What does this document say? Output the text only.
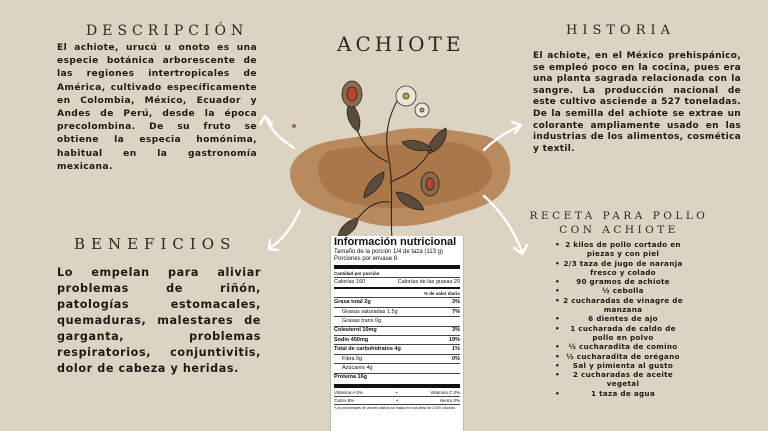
ACHIOTE
DESCRIPCIÓN

El achiote, urucú u onoto es una especie botánica arborescente de las regiones intertropicales de América, cultivado específicamente en Colombia, México, Ecuador y Andes de Perú, desde la época precolombina. De su fruto se obtiene la especia homónima, habitual en la gastronomía mexicana.

HISTORIA

El achiote, en el México prehispánico, se empleó poco en la cocina, pues era una planta sagrada relacionada con la sangre. La producción nacional de este cultivo asciende a 527 toneladas. De la semilla del achiote se extrae un colorante ampliamente usado en las industrias de los alimentos, cosmética y textil.

BENEFICIOS

Lo empelan para aliviar problemas de riñón, patologías estomacales, quemaduras, malestares de garganta, problemas respiratorios, conjuntivitis, dolor de cabeza y heridas.

RECETA PARA POLLO
CON ACHIOTE
• 2 kilos de pollo cortado en piezas y con piel
• 2/3 taza de jugo de naranja fresco y colado
• 90 gramos de achiote
• ½ cebolla
• 2 cucharadas de vinagre de manzana
• 6 dientes de ajo
• 1 cucharada de caldo de pollo en polvo
• ½ cucharadita de comino
• ½ cucharadita de orégano
• Sal y pimienta al gusto
• 2 cucharadas de aceite vegetal
• 1 taza de agua
Información nutricional
Tamaño de la porción 1/4 de taza (113 g)
Porciones por envase 8
Cantidad por porción
Calorías 160	Calorías de las grasas 20
% de valor diario
Grasa total 2g	3%
Grasas saturadas 1.5g	7%
Grasas trans 0g
Colesterol 10mg	3%
Sodio 450mg	19%
Total de carbohidratos 4g	1%
Fibra 0g	0%
Azúcares 4g
Proteína 16g
Vitamina A 0%	•	Vitamina C 0%
Calcio 8%	•	Hierro 0%
*Los porcentajes de valores diarios se basan en una dieta de 2,000 calorías
